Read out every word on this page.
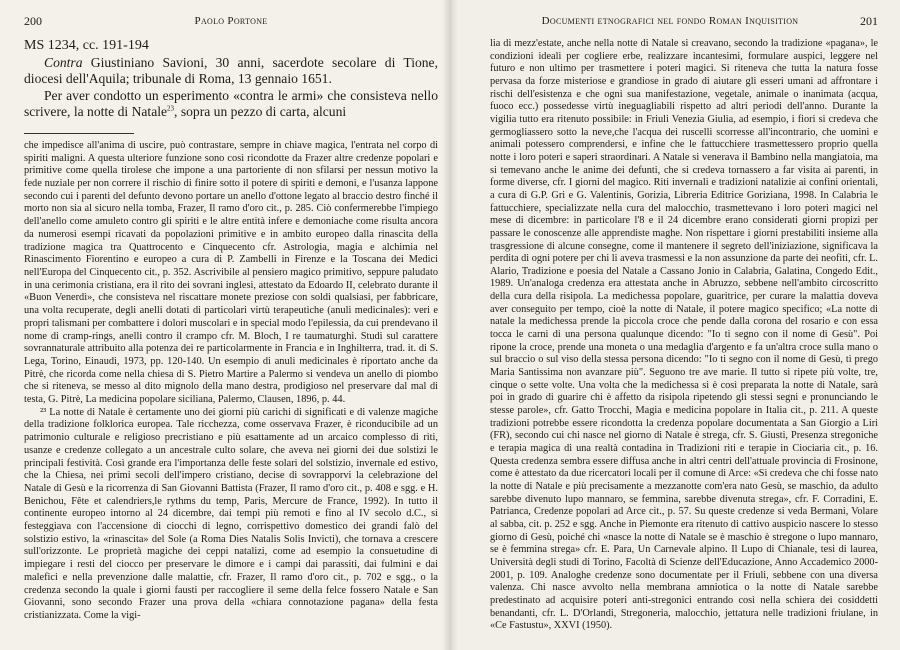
200	Paolo Portone

MS 1234, cc. 191-194

Contra Giustiniano Savioni, 30 anni, sacerdote secolare di Tione, diocesi dell'Aquila; tribunale di Roma, 13 gennaio 1651.

Per aver condotto un esperimento «contra le armi» che consisteva nello scrivere, la notte di Natale$^{23}$, sopra un pezzo di carta, alcuni

che impedisce all'anima di uscire, può contrastare, sempre in chiave magica, l'entrata nel corpo di spiriti maligni. A questa ulteriore funzione sono così ricondotte da Frazer altre credenze popolari e primitive come quella tirolese che impone a una partoriente di non sfilarsi per nessun motivo la fede nuziale per non correre il rischio di finire sotto il potere di spiriti e demoni, e l'usanza lappone secondo cui i parenti del defunto devono portare un anello d'ottone legato al braccio destro finché il morto non sia al sicuro nella tomba, Frazer, Il ramo d'oro cit., p. 285. Ciò confermerebbe l'impiego dell'anello come amuleto contro gli spiriti e le altre entità infere e demoniache come risulta ancora da numerosi esempi ricavati da popolazioni primitive e in ambito europeo dalla rinascita della tradizione magica tra Quattrocento e Cinquecento cfr. Astrologia, magia e alchimia nel Rinascimento Fiorentino e europeo a cura di P. Zambelli in Firenze e la Toscana dei Medici nell'Europa del Cinquecento cit., p. 352. Ascrivibile al pensiero magico primitivo, seppure paludato in una cerimonia cristiana, era il rito dei sovrani inglesi, attestato da Edoardo II, celebrato durante il «Buon Venerdì», che consisteva nel riscattare monete preziose con soldi qualsiasi, per fabbricare, una volta recuperate, degli anelli dotati di particolari virtù terapeutiche (anuli medicinales): veri e propri talismani per combattere i dolori muscolari e in special modo l'epilessia, da cui prendevano il nome di cramp-rings, anelli contro il crampo cfr. M. Bloch, I re taumaturghi. Studi sul carattere sovrannaturale attribuito alla potenza dei re particolarmente in Francia e in Inghilterra, trad. it. di S. Lega, Torino, Einaudi, 1973, pp. 120-140. Un esempio di anuli medicinales è riportato anche da Pitrè, che ricorda come nella chiesa di S. Pietro Martire a Palermo si vendeva un anello di piombo che si riteneva, se messo al dito mignolo della mano destra, prodigioso nel preservare dal mal di testa, G. Pitrè, La medicina popolare siciliana, Palermo, Clausen, 1896, p. 44.

²³ La notte di Natale è certamente uno dei giorni più carichi di significati e di valenze magiche della tradizione folklorica europea. Tale ricchezza, come osservava Frazer, è riconducibile ad un patrimonio culturale e religioso precristiano e più esattamente ad un arcaico complesso di riti, usanze e credenze collegato a un ancestrale culto solare, che aveva nei giorni dei due solstizi le principali festività. Così grande era l'importanza delle feste solari del solstizio, invernale ed estivo, che la Chiesa, nei primi secoli dell'impero cristiano, decise di sovrapporvi la celebrazione del Natale di Gesù e la ricorrenza di San Giovanni Battista (Frazer, Il ramo d'oro cit., p. 408 e sgg. e H. Benichou, Fête et calendriers,le rythms du temp, Paris, Mercure de France, 1992). In tutto il continente europeo intorno al 24 dicembre, dai tempi più remoti e fino al IV secolo d.C., si festeggiava con l'accensione di ciocchi di legno, corrispettivo domestico dei grandi falò del solstizio estivo, la «rinascita» del Sole (a Roma Dies Natalis Solis Invicti), che tornava a crescere sull'orizzonte. Le proprietà magiche dei ceppi natalizi, come ad esempio la consuetudine di impiegare i resti del ciocco per preservare le dimore e i campi dai parassiti, dai fulmini e dai malefici e nella prevenzione dalle malattie, cfr. Frazer, Il ramo d'oro cit., p. 702 e sgg., o la credenza secondo la quale i giorni fausti per raccogliere il seme della felce fossero Natale e San Giovanni, sono secondo Frazer una prova della «chiara connotazione pagana» della festa cristianizzata. Come la vigi-

Documenti etnografici nel fondo Roman Inquisition	201

lia di mezz'estate, anche nella notte di Natale si creavano, secondo la tradizione «pagana», le condizioni ideali per cogliere erbe, realizzare incantesimi, formulare auspici, leggere nel futuro e non ultimo per trasmettere i poteri magici. Si riteneva che tutta la natura fosse pervasa da forze misteriose e grandiose in grado di aiutare gli esseri umani ad affrontare i rischi dell'esistenza e che ogni sua manifestazione, vegetale, animale o inanimata (acqua, fuoco ecc.) possedesse virtù ineguagliabili rispetto ad altri periodi dell'anno. Durante la vigilia tutto era ritenuto possibile: in Friuli Venezia Giulia, ad esempio, i fiori si credeva che germogliassero sotto la neve,che l'acqua dei ruscelli scorresse all'incontrario, che uomini e animali potessero comprendersi, e infine che le fattucchiere trasmettessero proprio quella notte i loro poteri e saperi straordinari. A Natale si venerava il Bambino nella mangiatoia, ma si temevano anche le anime dei defunti, che si credeva tornassero a far visita ai parenti, in forme diverse, cfr. I giorni del magico. Riti invernali e tradizioni natalizie ai confini orientali, a cura di G.P. Gri e G. Valentinis, Gorizia, Libreria Editrice Goriziana, 1998. In Calabria le fattucchiere, specializzate nella cura del malocchio, trasmettevano i loro poteri magici nel mese di dicembre: in particolare l'8 e il 24 dicembre erano considerati giorni propizi per passare le conoscenze alle apprendiste maghe. Non rispettare i giorni prestabiliti insieme alla trasgressione di alcune consegne, come il mantenere il segreto dell'iniziazione, significava la perdita di ogni potere per chi li aveva trasmessi e la non assunzione da parte dei neofiti, cfr. L. Alario, Tradizione e poesia del Natale a Cassano Jonio in Calabria, Galatina, Congedo Edit., 1989. Un'analoga credenza era attestata anche in Abruzzo, sebbene nell'ambito circoscritto della cura della risipola. La medichessa popolare, guaritrice, per curare la malattia doveva aver conseguito per tempo, cioè la notte di Natale, il potere magico specifico; «La notte di natale la medichessa prende la piccola croce che pende dalla corona del rosario e con essa tocca le carni di una persona qualunque dicendo: "Io ti segno con il nome di Gesù". Poi ripone la croce, prende una moneta o una medaglia d'argento e fa un'altra croce sulla mano o sul braccio o sul viso della stessa persona dicendo: "Io ti segno con il nome di Gesù, ti prego Maria Santissima non avanzare più". Seguono tre ave marie. Il tutto si ripete più volte, tre, cinque o sette volte. Una volta che la medichessa si è così preparata la notte di Natale, sarà poi in grado di guarire chi è affetto da risipola ripetendo gli stessi segni e pronunciando le stesse parole», cfr. Gatto Trocchi, Magia e medicina popolare in Italia cit., p. 211. A queste tradizioni potrebbe essere ricondotta la credenza popolare documentata a San Giorgio a Liri (FR), secondo cui chi nasce nel giorno di Natale è strega, cfr. S. Giusti, Presenza stregoniche e terapia magica di una realtà contadina in Tradizioni riti e terapie in Ciociaria cit., p. 16. Questa credenza sembra essere diffusa anche in altri centri dell'attuale provincia di Frosinone, come è attestato da due ricercatori locali per il comune di Arce: «Si credeva che chi fosse nato la notte di Natale e più precisamente a mezzanotte com'era nato Gesù, se maschio, da adulto sarebbe divenuto lupo mannaro, se femmina, sarebbe divenuta strega», cfr. F. Corradini, E. Patrianca, Credenze popolari ad Arce cit., p. 57. Su queste credenze si veda Bermani, Volare al sabba, cit. p. 252 e sgg. Anche in Piemonte era ritenuto di cattivo auspicio nascere lo stesso giorno di Gesù, poiché chi «nasce la notte di Natale se è maschio è stregone o lupo mannaro, se è femmina strega» cfr. E. Para, Un Carnevale alpino. Il Lupo di Chianale, tesi di laurea, Università degli studi di Torino, Facoltà di Scienze dell'Educazione, Anno Accademico 2000-2001, p. 109. Analoghe credenze sono documentate per il Friuli, sebbene con una diversa valenza. Chi nasce avvolto nella membrana amniotica o la notte di Natale sarebbe predestinato ad acquisire poteri anti-stregonici entrando così nella schiera dei cosiddetti benandanti, cfr. L. D'Orlandi, Stregoneria, malocchio, jettatura nelle tradizioni friulane, in «Ce Fastustu», XXVI (1950).
